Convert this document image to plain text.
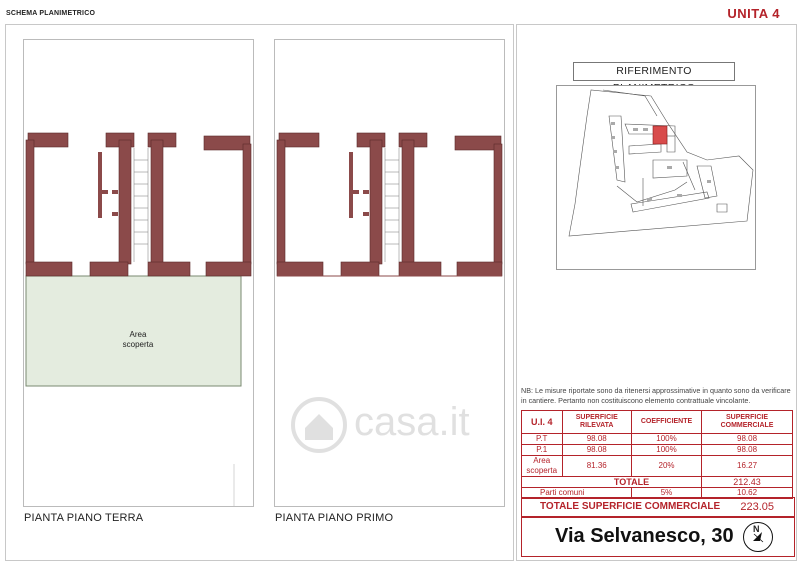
SCHEMA PLANIMETRICO	UNITA 4
Area
scoperta
PIANTA PIANO TERRA	PIANTA PIANO PRIMO
casa.it
RIFERIMENTO
NB: Le misure riportate sono da ritenersi approssimative in quanto sono da verificare in cantiere. Pertanto non costituiscono elemento contrattuale vincolante.
U.I. 4	SUPERFICIE RILEVATA	COEFFICIENTE	SUPERFICIE COMMERCIALE
P.T	98.08	100%	98.08
P.1	98.08	100%	98.08
Area scoperta	81.36	20%	16.27
	TOTALE		212.43
Parti comuni		5%	10.62
TOTALE SUPERFICIE COMMERCIALE 223.05
Via Selvanesco, 30 N
